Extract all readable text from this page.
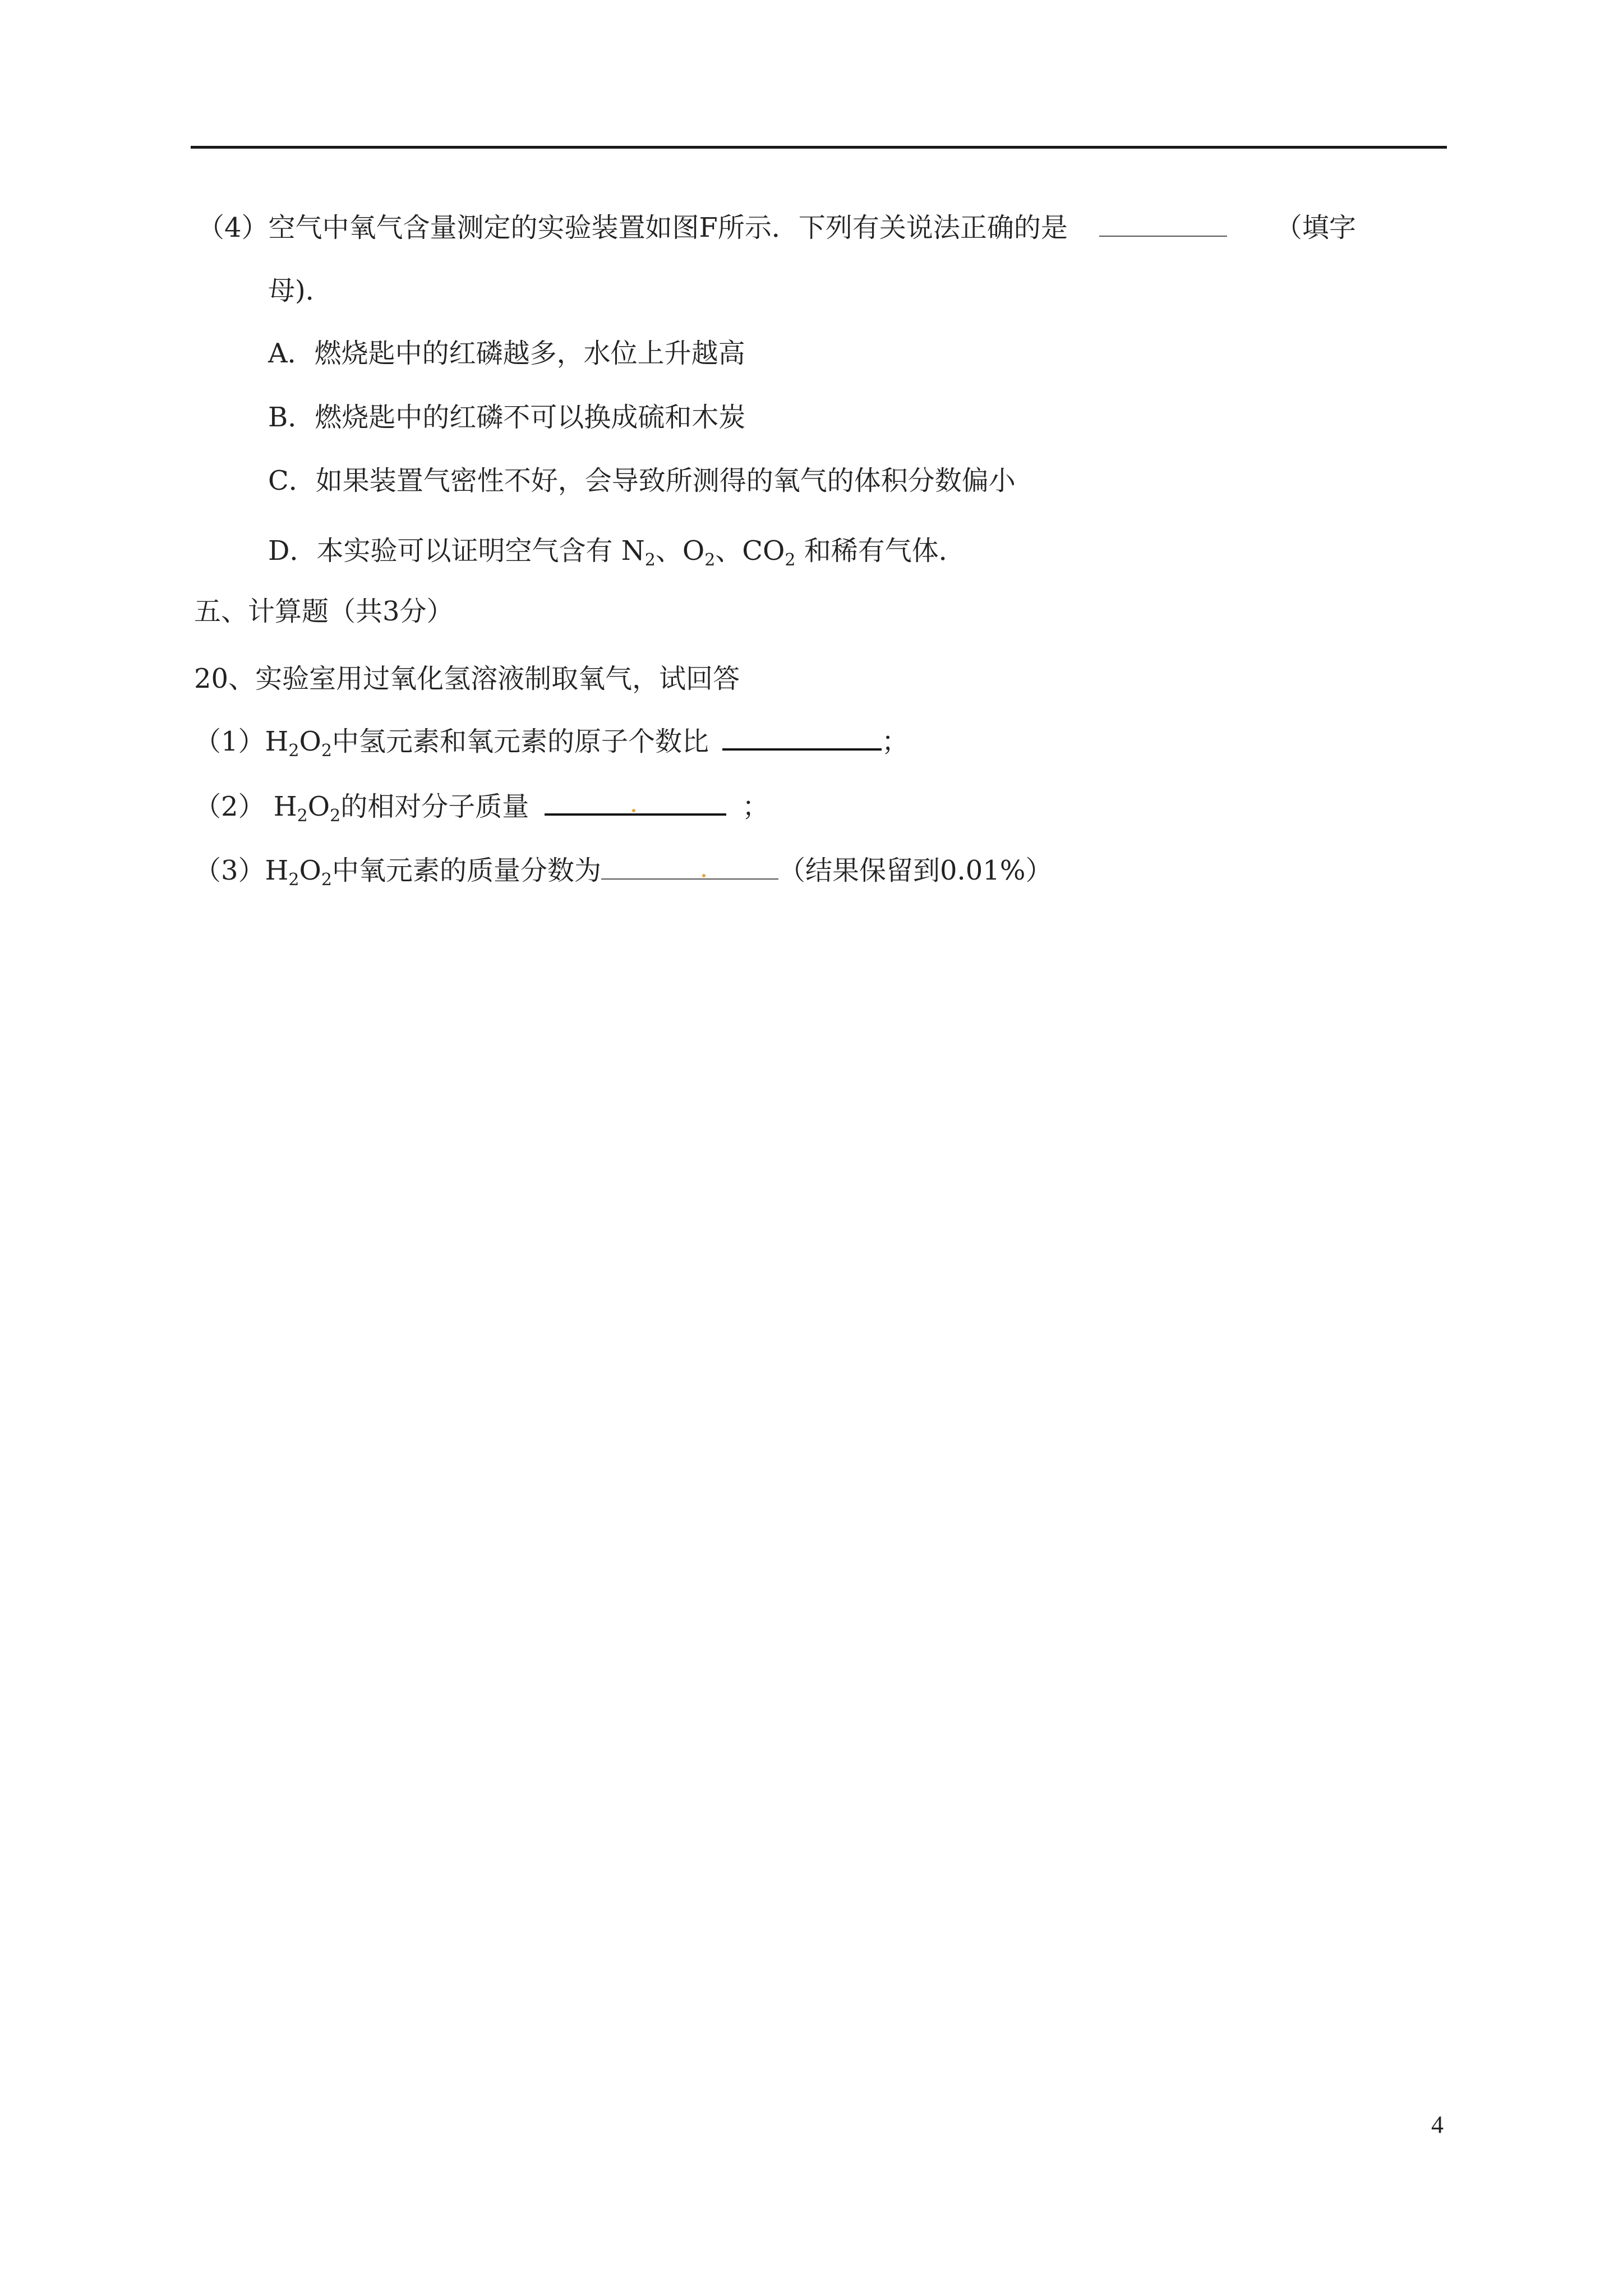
（4）空气中氧气含量测定的实验装置如图F所示．下列有关说法正确的是	（填字
母)．
A．燃烧匙中的红磷越多，水位上升越高
B．燃烧匙中的红磷不可以换成硫和木炭
C．如果装置气密性不好，会导致所测得的氧气的体积分数偏小
D．本实验可以证明空气含有 $N_2$、$O_2$、$CO_2$ 和稀有气体．
五、计算题（共3分）
20、实验室用过氧化氢溶液制取氧气，试回答
$(1)H_2O_2$中氢元素和氧元素的原子个数比	；
（2） $H_2O_2$的相对分子质量	；
$(3)H_2O_2$中氧元素的质量分数为	（结果保留到0.01%）
4
